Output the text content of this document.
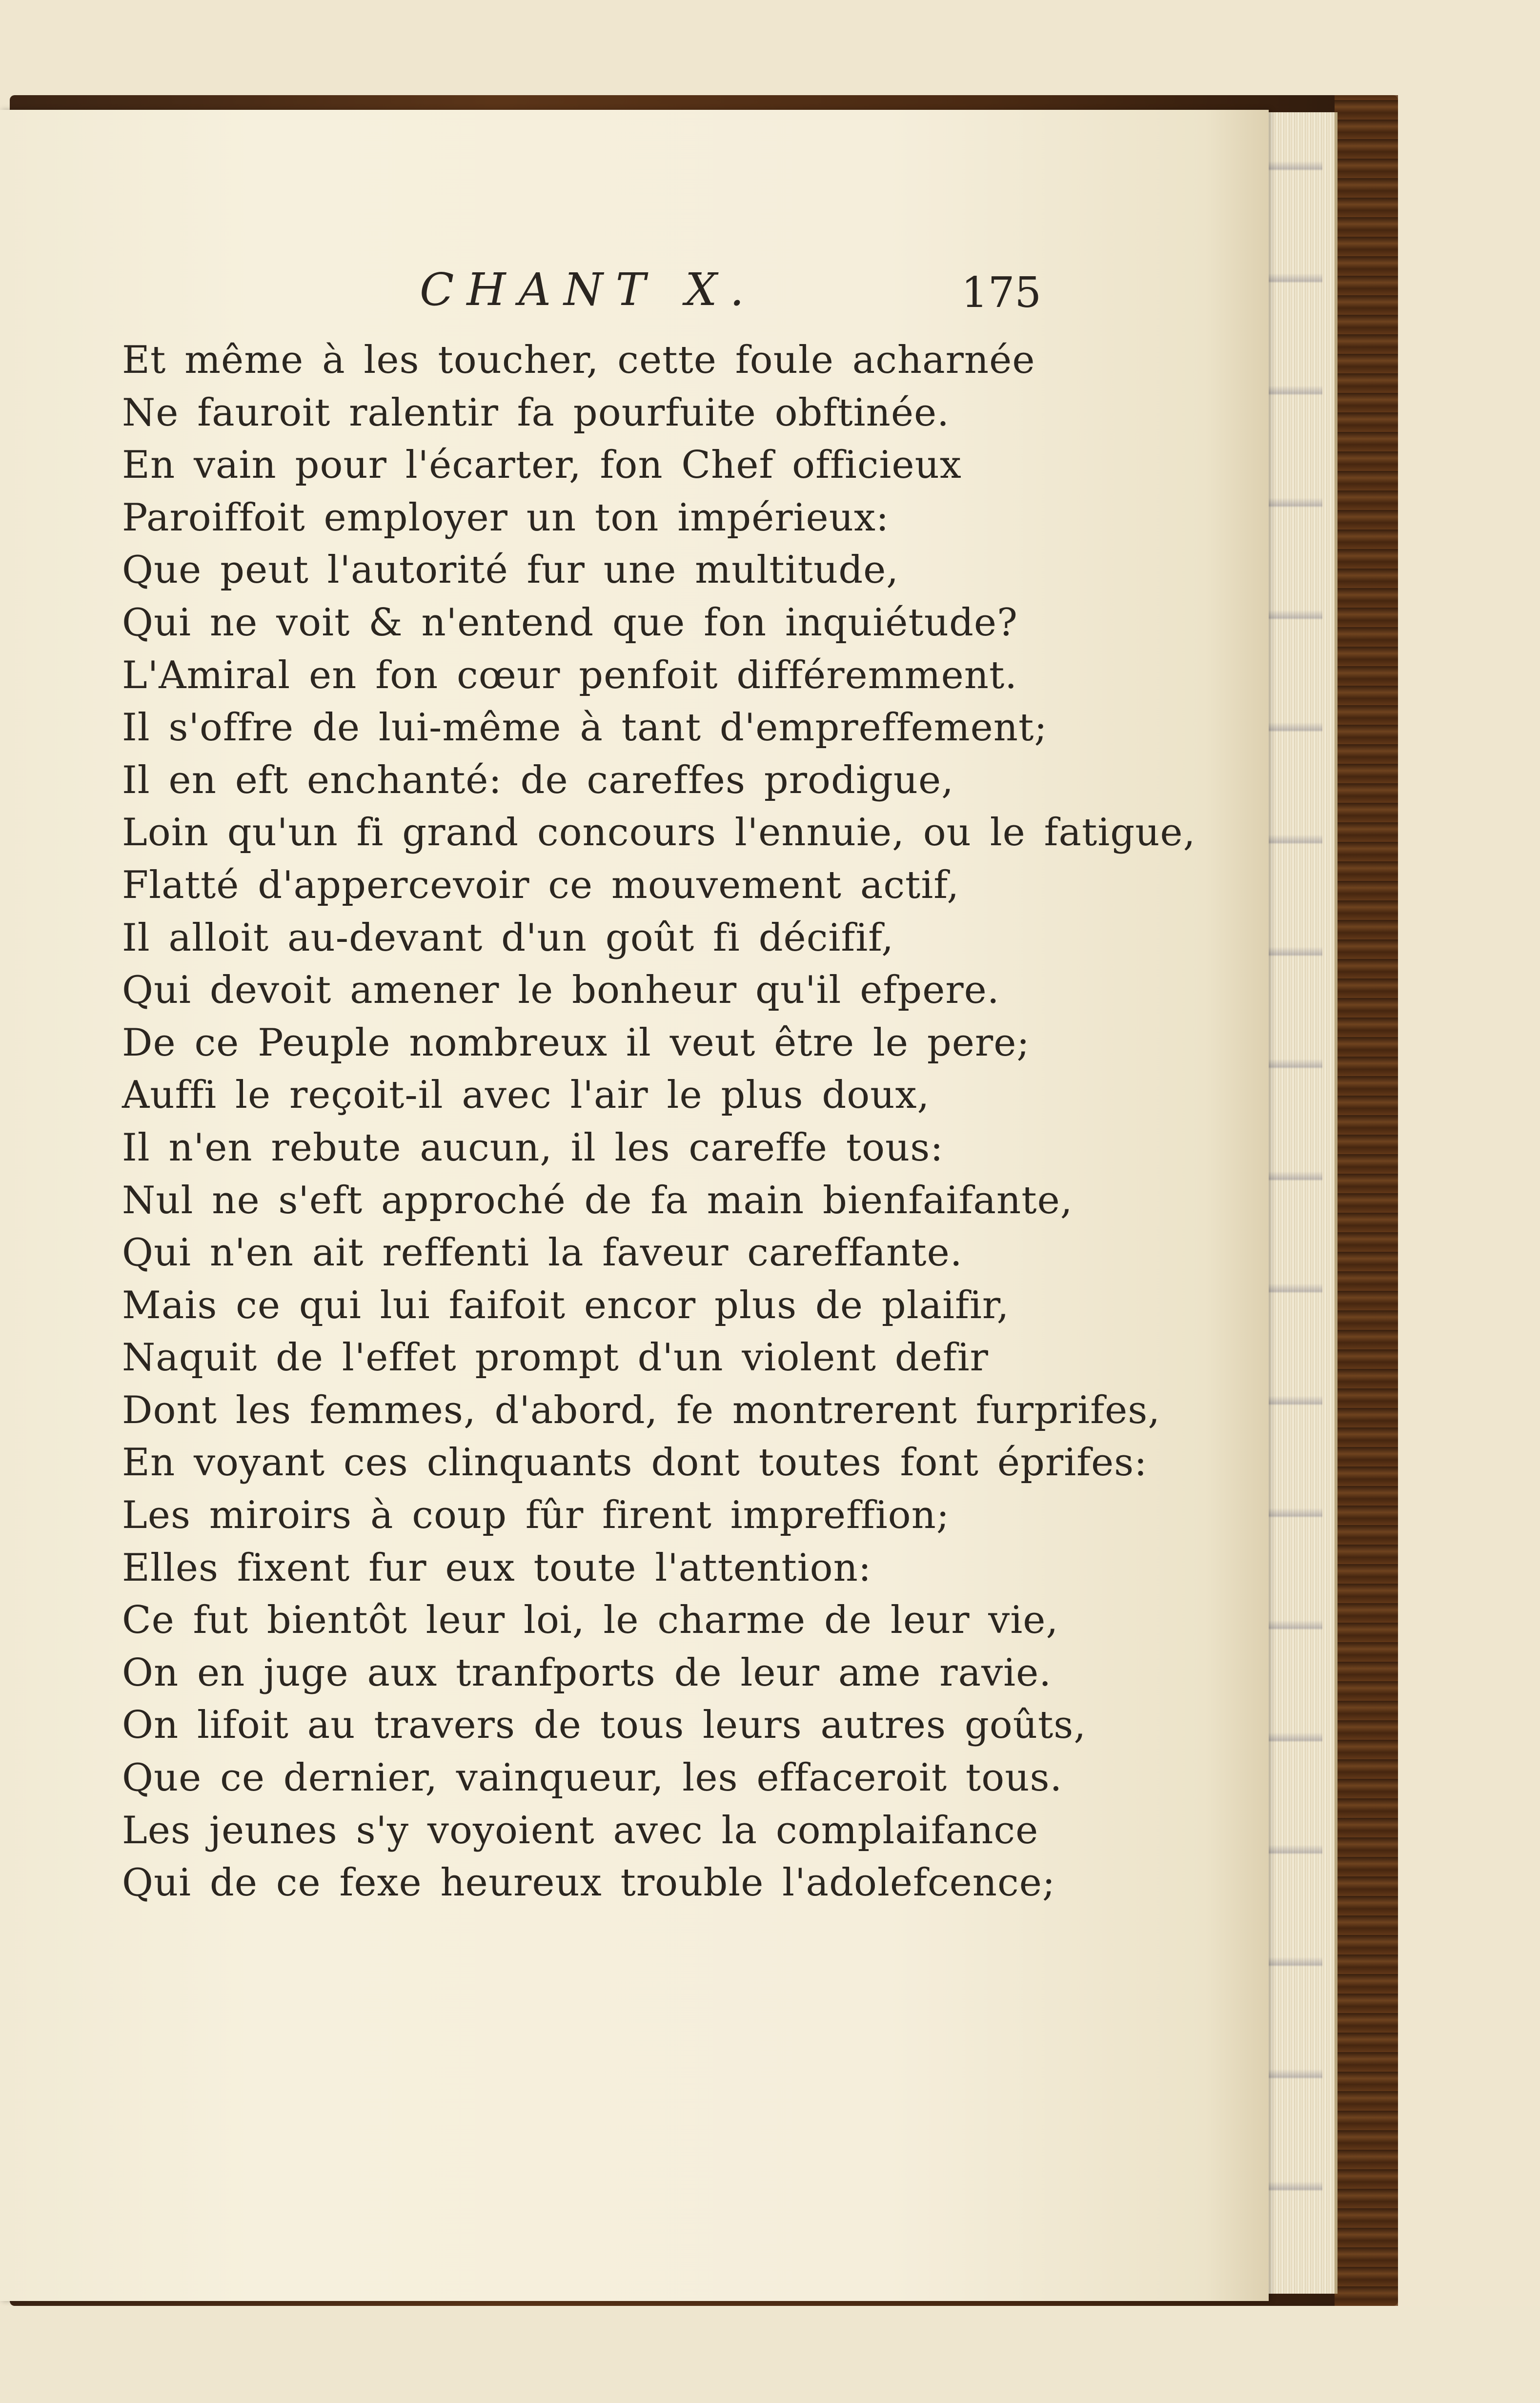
CHANT X.	175
Et même à les toucher, cette foule acharnée
Ne fauroit ralentir fa pourfuite obftinée.
En vain pour l'écarter, fon Chef officieux
Paroiffoit employer un ton impérieux:
Que peut l'autorité fur une multitude,
Qui ne voit & n'entend que fon inquiétude?
L'Amiral en fon cœur penfoit différemment.
Il s'offre de lui-même à tant d'empreffement;
Il en eft enchanté: de careffes prodigue,
Loin qu'un fi grand concours l'ennuie, ou le fatigue,
Flatté d'appercevoir ce mouvement actif,
Il alloit au-devant d'un goût fi décifif,
Qui devoit amener le bonheur qu'il efpere.
De ce Peuple nombreux il veut être le pere;
Auffi le reçoit-il avec l'air le plus doux,
Il n'en rebute aucun, il les careffe tous:
Nul ne s'eft approché de fa main bienfaifante,
Qui n'en ait reffenti la faveur careffante.
Mais ce qui lui faifoit encor plus de plaifir,
Naquit de l'effet prompt d'un violent defir
Dont les femmes, d'abord, fe montrerent furprifes,
En voyant ces clinquants dont toutes font éprifes:
Les miroirs à coup fûr firent impreffion;
Elles fixent fur eux toute l'attention:
Ce fut bientôt leur loi, le charme de leur vie,
On en juge aux tranfports de leur ame ravie.
On lifoit au travers de tous leurs autres goûts,
Que ce dernier, vainqueur, les effaceroit tous.
Les jeunes s'y voyoient avec la complaifance
Qui de ce fexe heureux trouble l'adolefcence;
